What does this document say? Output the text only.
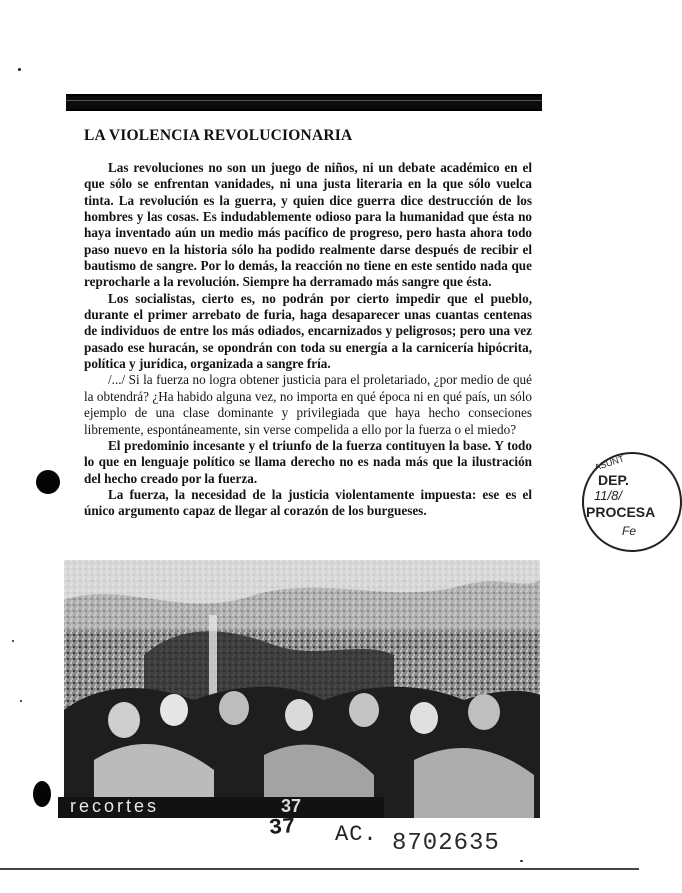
LA VIOLENCIA REVOLUCIONARIA

Las revoluciones no son un juego de niños, ni un debate académico en el que sólo se enfrentan vanidades, ni una justa literaria en la que sólo vuelca tinta. La revolución es la guerra, y quien dice guerra dice destrucción de los hombres y las cosas. Es indudablemente odioso para la humanidad que ésta no haya inventado aún un medio más pacífico de progreso, pero hasta ahora todo paso nuevo en la historia sólo ha podido realmente darse después de recibir el bautismo de sangre. Por lo demás, la reacción no tiene en este sentido nada que reprocharle a la revolución. Siempre ha derramado más sangre que ésta.

Los socialistas, cierto es, no podrán por cierto impedir que el pueblo, durante el primer arrebato de furia, haga desaparecer unas cuantas centenas de individuos de entre los más odiados, encarnizados y peligrosos; pero una vez pasado ese huracán, se opondrán con toda su energía a la carnicería hipócrita, política y jurídica, organizada a sangre fría.

/.../ Si la fuerza no logra obtener justicia para el proletariado, ¿por medio de qué la obtendrá? ¿Ha habido alguna vez, no importa en qué época ni en qué país, un sólo ejemplo de una clase dominante y privilegiada que haya hecho conseciones libremente, espontáneamente, sin verse compelida a ello por la fuerza o el miedo?

El predominio incesante y el triunfo de la fuerza contituyen la base. Y todo lo que en lenguaje político se llama derecho no es nada más que la ilustración del hecho creado por la fuerza.

La fuerza, la necesidad de la justicia violentamente impuesta: ese es el único argumento capaz de llegar al corazón de los burgueses.

recortes	37
37 AC. 8702635
ASUNT
DEP.
11/8/
PROCESA
Fe
